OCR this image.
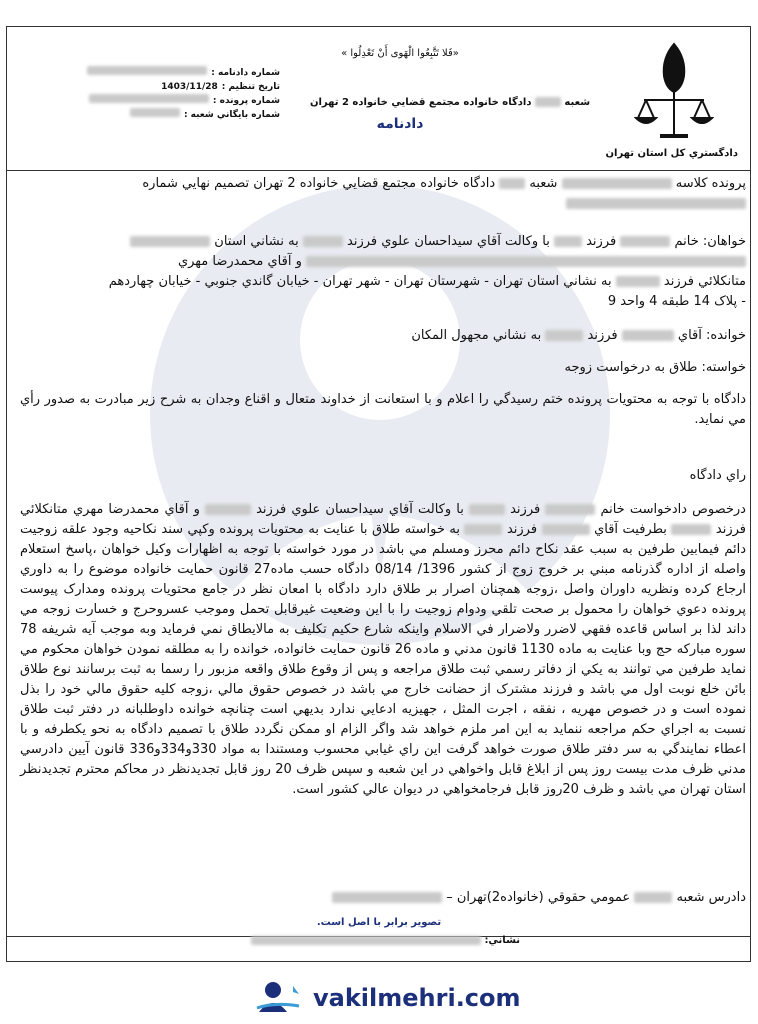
دادگستري کل استان تهران
«فَلا تَتَّبِعُوا الْهَوى أَنْ تَعْدِلُوا »
شعبه  دادگاه خانواده مجتمع قضايي خانواده 2 تهران
دادنامه
شماره دادنامه :
تاريخ تنظيم :
1403/11/28
شماره پرونده :
شماره بايگاني شعبه :

پرونده کلاسه  شعبه  دادگاه خانواده مجتمع قضايي خانواده 2 تهران تصميم نهايي شماره

خواهان: خانم  فرزند  با وکالت آقاي سيداحسان علوي فرزند  به نشاني استان

و آقاي محمدرضا مهري

متانکلائي فرزند  به نشاني استان تهران - شهرستان تهران - شهر تهران - خيابان گاندي جنوبي - خيابان چهاردهم

- پلاک 14 طبقه 4 واحد 9

خوانده: آقاي  فرزند  به نشاني مجهول المکان

خواسته: طلاق به درخواست زوجه
دادگاه با توجه به محتويات پرونده ختم رسيدگي را اعلام و با استعانت از خداوند متعال و اقناع وجدان به شرح زير مبادرت به صدور رأي مي نمايد.
راي دادگاه
درخصوص دادخواست خانم  فرزند  با وکالت آقاي سيداحسان علوي فرزند  و آقاي محمدرضا مهري متانکلائي فرزند  بطرفيت آقاي  فرزند  به خواسته طلاق با عنايت به محتويات پرونده وکپي سند نکاحيه وجود علقه زوجيت دائم فيمابين طرفين به سبب عقد نکاح دائم محرز ومسلم مي باشد در مورد خواسته با توجه به اظهارات وکيل خواهان ،پاسخ استعلام واصله از اداره گذرنامه مبني بر خروج زوج از کشور 1396/ 08/14 دادگاه حسب ماده27 قانون حمايت خانواده موضوع را به داوري ارجاع کرده ونظريه داوران واصل ،زوجه همچنان اصرار بر طلاق دارد دادگاه با امعان نظر در جامع محتويات پرونده ومدارک پيوست پرونده دعوي خواهان را محمول بر صحت تلقي ودوام زوجيت را با اين وضعيت غيرقابل تحمل وموجب عسروحرج و خسارت زوجه مي داند لذا بر اساس قاعده فقهي لاضرر ولاضرار في الاسلام واينکه شارع حکيم تکليف به مالايطاق نمي فرمايد وبه موجب آيه شريفه 78 سوره مبارکه حج وبا عنايت به ماده 1130 قانون مدني و ماده 26 قانون حمايت خانواده، خوانده را به مطلقه نمودن خواهان محکوم مي نمايد طرفين مي توانند به يکي از دفاتر رسمي ثبت طلاق مراجعه و پس از وقوع طلاق واقعه مزبور را رسما به ثبت برسانند نوع طلاق بائن خلع نوبت اول مي باشد و فرزند مشترک از حضانت خارج مي باشد در خصوص حقوق مالي ،زوجه کليه حقوق مالي خود را بذل نموده است و در خصوص مهريه ، نفقه ، اجرت المثل ، جهيزيه ادعايي ندارد بديهي است چنانچه خوانده داوطلبانه در دفتر ثبت طلاق نسبت به اجراي حکم مراجعه ننمايد به اين امر ملزم خواهد شد واگر الزام او ممکن نگردد طلاق با تصميم دادگاه به نحو يکطرفه و با اعطاء نمايندگي به سر دفتر طلاق صورت خواهد گرفت اين راي غيابي محسوب ومستندا به مواد 330و334و336 قانون آيين دادرسي مدني ظرف مدت بيست روز پس از ابلاغ قابل واخواهي در اين شعبه و سپس ظرف 20 روز قابل تجديدنظر در محاکم محترم تجديدنظر استان تهران مي باشد و ظرف 20روز قابل فرجامخواهي در ديوان عالي کشور است.
دادرس شعبه  عمومي حقوقي (خانواده2)تهران –
تصوير برابر با اصل است.
نشاني:
vakilmehri.com
